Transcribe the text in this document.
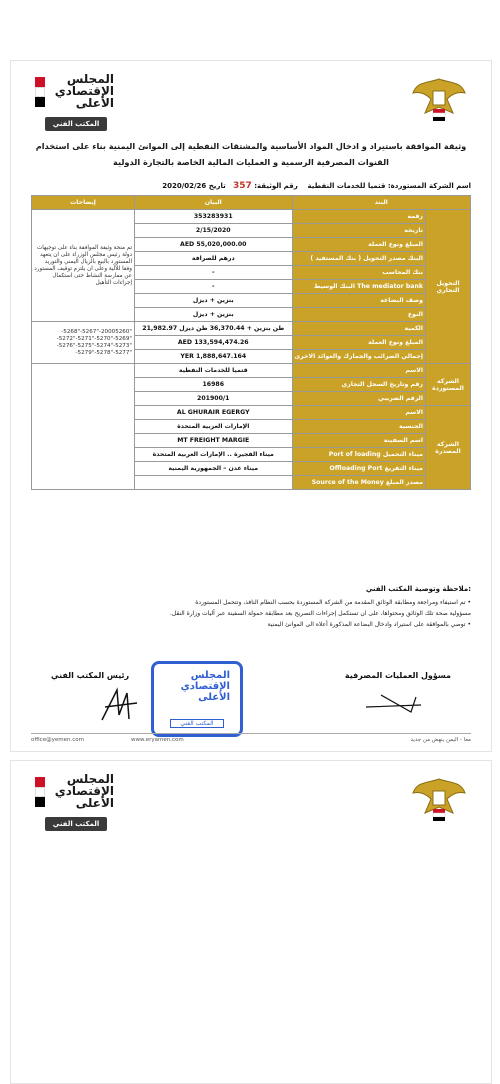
المجلس
الإقتصادي
الأعلى
المكتب الفني
وثيقة الموافقة باستيراد و ادخال المواد الأساسية والمشتقات النفطية إلى الموانئ اليمنية بناء على استخدام
القنوات المصرفية الرسمية و العمليات المالية الخاصة بالتجارة الدولية
اسم الشركة المستوردة: قتميا للخدمات النفطية    رقم الوثيقة: 357   تاريخ 2020/02/26
إيضاحات	البيان	البند	
تم منحة وثيقة الموافقة بناء على توجيهات دولة رئيس مجلس الوزراء على ان يتعهد المستورد بالبيع بالريال اليمني والتوريد وفقا للآلية وعلى ان يلتزم توقيف المستورد عن ممارسة النشاط حتى استكمال إجراءات التأهيل	353283931	رقمه	التحويل التجاري
	2/15/2020	تاريخه	
	AED 55,020,000.00	المبلغ ونوع العملة	
	درهم للصرافة	البنك مصدر التحويل ( بنك المستفيد )	
	-	بنك المحاسب	
	-	البنك الوسيط The mediator bank	
	بنزين + ديزل	وصف البضاعة	
	بنزين + ديزل	النوع	
-5268"-5267"-20005260" -5272"-5271"-5270"-5269" -5276"-5275"-5274"-5273" -5279"-5278"-5277"	21,982.97 طن بنزين + 36,370.44 طن ديزل	الكمية	
	AED 133,594,474.26	المبلغ ونوع العملة	
	YER 1,888,647.164	إجمالي الضرائب والجمارك والعوائد الاخرى	
	قتميا للخدمات النفطية	الاسم	الشركة المستوردة
	16986	رقم وتاريخ السجل التجاري	
	201900/1	الرقم الضريبي	
	AL GHURAIR EGERGY	الاسم	الشركة المصدرة
	الإمارات العربية المتحدة	الجنسية	
	MT FREIGHT MARGIE	اسم السفينة	
	ميناء الفجيرة .. الإمارات العربية المتحدة	Port of loading ميناء التحميل	
	ميناء عدن – الجمهورية اليمنية	Offloading Port ميناء التفريغ	
		Source of the Money مصدر المبلغ	
ملاحظة وتوصية المكتب الفني:
• تم استيفاء ومراجعة ومطابقة الوثائق المقدمة من الشركة المستوردة بحسب النظام النافذ، وتتحمل المستوردة
مسؤولية صحة تلك الوثائق ومحتواها، على ان تستكمل إجراءات التصريح بعد مطابقة حمولة السفينة عبر آليات وزارة النقل.
• توصي بالموافقة على استيراد وادخال البضاعة المذكورة أعلاه الى الموانئ اليمنية
رئيس المكتب الفني	مسؤول العمليات المصرفية
المجلس
الإقتصادي
الأعلى
المكتب الفني
office@yemen.com	www.eryamen.com	معا - اليمن ينهض من جديد
المجلس
الإقتصادي
الأعلى
المكتب الفني
